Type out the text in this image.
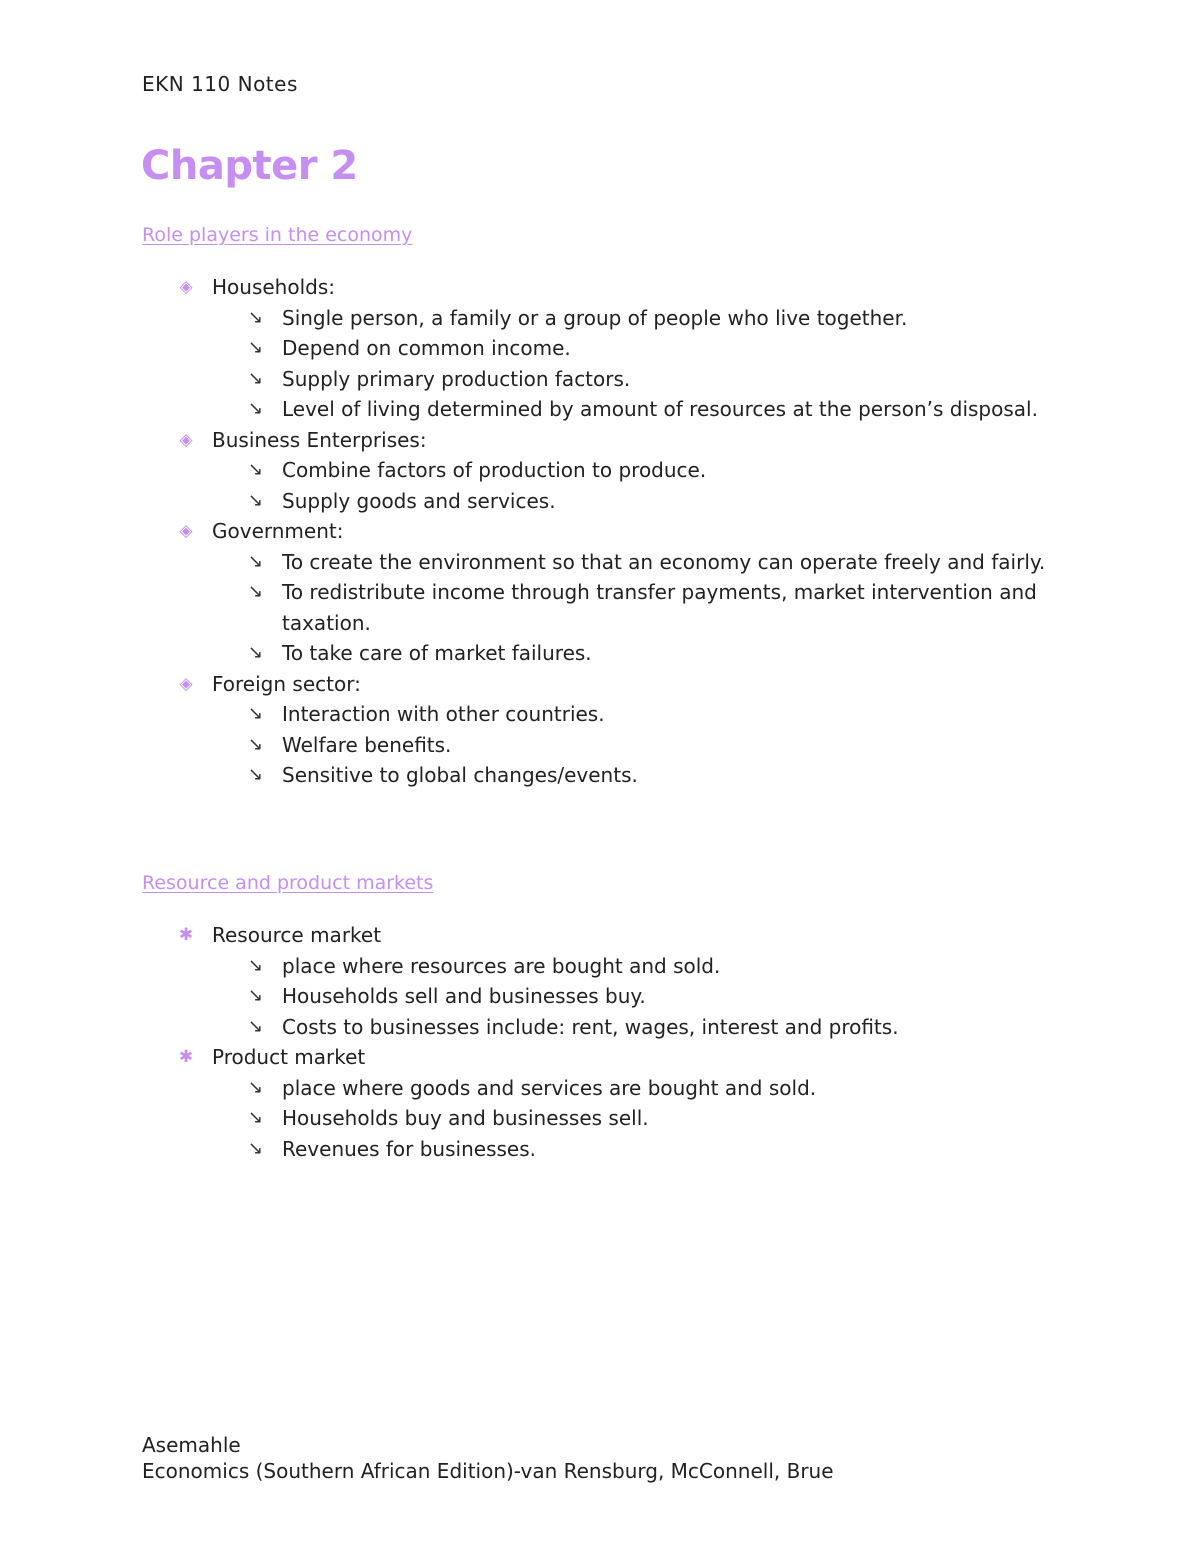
EKN 110 Notes
Chapter 2
Role players in the economy
◈ Households:
↘ Single person, a family or a group of people who live together.
↘ Depend on common income.
↘ Supply primary production factors.
↘ Level of living determined by amount of resources at the person’s disposal.
◈ Business Enterprises:
↘ Combine factors of production to produce.
↘ Supply goods and services.
◈ Government:
↘ To create the environment so that an economy can operate freely and fairly.
↘ To redistribute income through transfer payments, market intervention and taxation.
↘ To take care of market failures.
◈ Foreign sector:
↘ Interaction with other countries.
↘ Welfare benefits.
↘ Sensitive to global changes/events.
Resource and product markets
✱ Resource market
↘ place where resources are bought and sold.
↘ Households sell and businesses buy.
↘ Costs to businesses include: rent, wages, interest and profits.
✱ Product market
↘ place where goods and services are bought and sold.
↘ Households buy and businesses sell.
↘ Revenues for businesses.
Asemahle
Economics (Southern African Edition)-van Rensburg, McConnell, Brue
